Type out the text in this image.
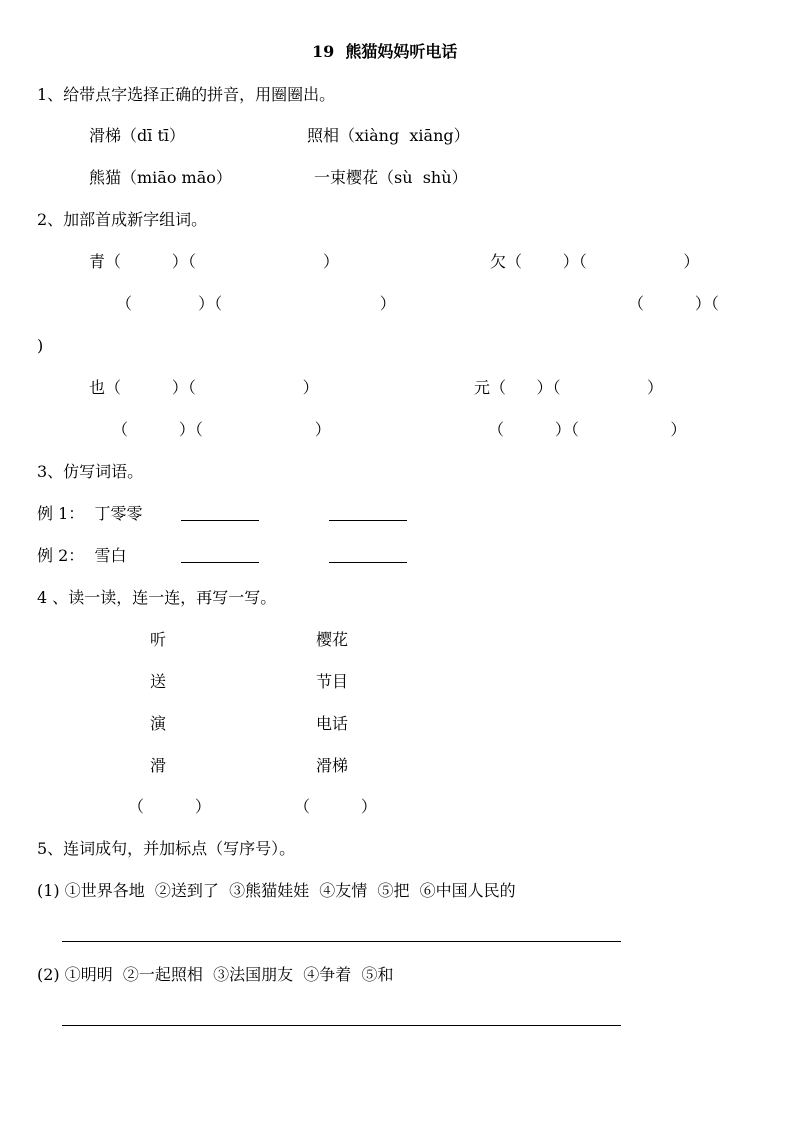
19  熊猫妈妈听电话
1、给带点字选择正确的拼音，用圈圈出。
滑梯（dī tī）	照相（xiàng  xiāng）
熊猫（miāo māo）	一束樱花（sù  shù）
2、加部首成新字组词。
青（          ）（                         ）	欠（        ）（                   ）
（             ）（                               ）	（          ）（
)
也（          ）（                     ）	元（      ）（                 ）
（          ）（                      ）	（          ）（                  ）
3、仿写词语。
例 1：  丁零零
例 2：  雪白
4 、读一读，连一连，再写一写。
听	樱花
送	节目
演	电话
滑	滑梯
（          ）	（          ）
5、连词成句，并加标点（写序号）。
(1) ①世界各地  ②送到了  ③熊猫娃娃  ④友情  ⑤把  ⑥中国人民的
(2) ①明明  ②一起照相  ③法国朋友  ④争着  ⑤和
